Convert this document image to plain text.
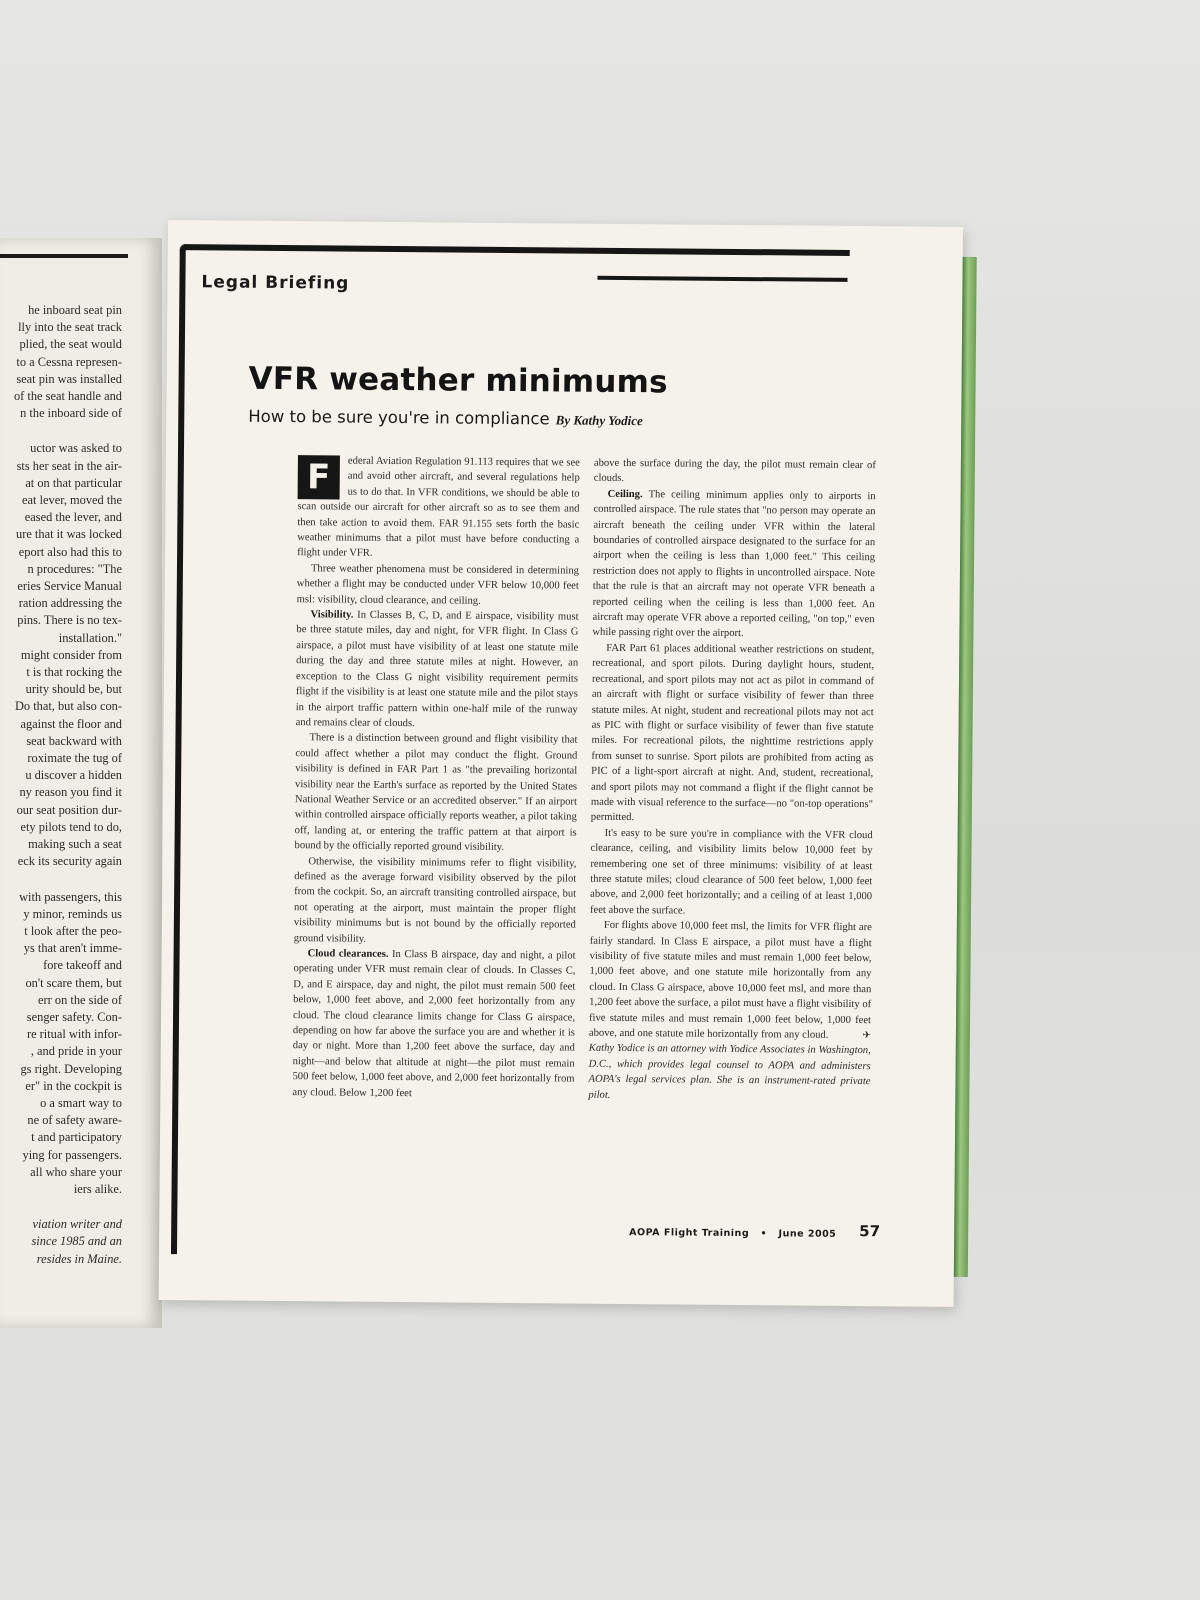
he inboard seat pin
lly into the seat track
plied, the seat would
to a Cessna represen-
seat pin was installed
of the seat handle and
n the inboard side of
uctor was asked to
sts her seat in the air-
at on that particular
eat lever, moved the
eased the lever, and
ure that it was locked
eport also had this to
n procedures: "The
eries Service Manual
ration addressing the
pins. There is no tex-
installation."
might consider from
t is that rocking the
urity should be, but
Do that, but also con-
against the floor and
seat backward with
roximate the tug of
u discover a hidden
ny reason you find it
our seat position dur-
ety pilots tend to do,
making such a seat
eck its security again
with passengers, this
y minor, reminds us
t look after the peo-
ys that aren't imme-
fore takeoff and
on't scare them, but
err on the side of
senger safety. Con-
re ritual with infor-
, and pride in your
gs right. Developing
er" in the cockpit is
o a smart way to
ne of safety aware-
t and participatory
ying for passengers.
all who share your
iers alike.
viation writer and
since 1985 and an
resides in Maine.
Legal Briefing
VFR weather minimums
How to be sure you're in compliance By Kathy Yodice

F	ederal Aviation Regulation 91.113 requires that we see and avoid other aircraft, and several regulations help us to do that. In VFR conditions, we should be able to scan outside our aircraft for other aircraft so as to see them and then take action to avoid them. FAR 91.155 sets forth the basic weather minimums that a pilot must have before conducting a flight under VFR.

Three weather phenomena must be considered in determining whether a flight may be conducted under VFR below 10,000 feet msl: visibility, cloud clearance, and ceiling.

Visibility. In Classes B, C, D, and E airspace, visibility must be three statute miles, day and night, for VFR flight. In Class G airspace, a pilot must have visibility of at least one statute mile during the day and three statute miles at night. However, an exception to the Class G night visibility requirement permits flight if the visibility is at least one statute mile and the pilot stays in the airport traffic pattern within one-half mile of the runway and remains clear of clouds.

There is a distinction between ground and flight visibility that could affect whether a pilot may conduct the flight. Ground visibility is defined in FAR Part 1 as "the prevailing horizontal visibility near the Earth's surface as reported by the United States National Weather Service or an accredited observer." If an airport within controlled airspace officially reports weather, a pilot taking off, landing at, or entering the traffic pattern at that airport is bound by the officially reported ground visibility.

Otherwise, the visibility minimums refer to flight visibility, defined as the average forward visibility observed by the pilot from the cockpit. So, an aircraft transiting controlled airspace, but not operating at the airport, must maintain the proper flight visibility minimums but is not bound by the officially reported ground visibility.

Cloud clearances. In Class B airspace, day and night, a pilot operating under VFR must remain clear of clouds. In Classes C, D, and E airspace, day and night, the pilot must remain 500 feet below, 1,000 feet above, and 2,000 feet horizontally from any cloud. The cloud clearance limits change for Class G airspace, depending on how far above the surface you are and whether it is day or night. More than 1,200 feet above the surface, day and night—and below that altitude at night—the pilot must remain 500 feet below, 1,000 feet above, and 2,000 feet horizontally from any cloud. Below 1,200 feet

above the surface during the day, the pilot must remain clear of clouds.

Ceiling. The ceiling minimum applies only to airports in controlled airspace. The rule states that "no person may operate an aircraft beneath the ceiling under VFR within the lateral boundaries of controlled airspace designated to the surface for an airport when the ceiling is less than 1,000 feet." This ceiling restriction does not apply to flights in uncontrolled airspace. Note that the rule is that an aircraft may not operate VFR beneath a reported ceiling when the ceiling is less than 1,000 feet. An aircraft may operate VFR above a reported ceiling, "on top," even while passing right over the airport.

FAR Part 61 places additional weather restrictions on student, recreational, and sport pilots. During daylight hours, student, recreational, and sport pilots may not act as pilot in command of an aircraft with flight or surface visibility of fewer than three statute miles. At night, student and recreational pilots may not act as PIC with flight or surface visibility of fewer than five statute miles. For recreational pilots, the nighttime restrictions apply from sunset to sunrise. Sport pilots are prohibited from acting as PIC of a light-sport aircraft at night. And, student, recreational, and sport pilots may not command a flight if the flight cannot be made with visual reference to the surface—no "on-top operations" permitted.

It's easy to be sure you're in compliance with the VFR cloud clearance, ceiling, and visibility limits below 10,000 feet by remembering one set of three minimums: visibility of at least three statute miles; cloud clearance of 500 feet below, 1,000 feet above, and 2,000 feet horizontally; and a ceiling of at least 1,000 feet above the surface.

For flights above 10,000 feet msl, the limits for VFR flight are fairly standard. In Class E airspace, a pilot must have a flight visibility of five statute miles and must remain 1,000 feet below, 1,000 feet above, and one statute mile horizontally from any cloud. In Class G airspace, above 10,000 feet msl, and more than 1,200 feet above the surface, a pilot must have a flight visibility of five statute miles and must remain 1,000 feet below, 1,000 feet above, and one statute mile horizontally from any cloud.	✈

Kathy Yodice is an attorney with Yodice Associates in Washington, D.C., which provides legal counsel to AOPA and administers AOPA's legal services plan. She is an instrument-rated private pilot.

AOPA Flight Training   •   June 2005 57
